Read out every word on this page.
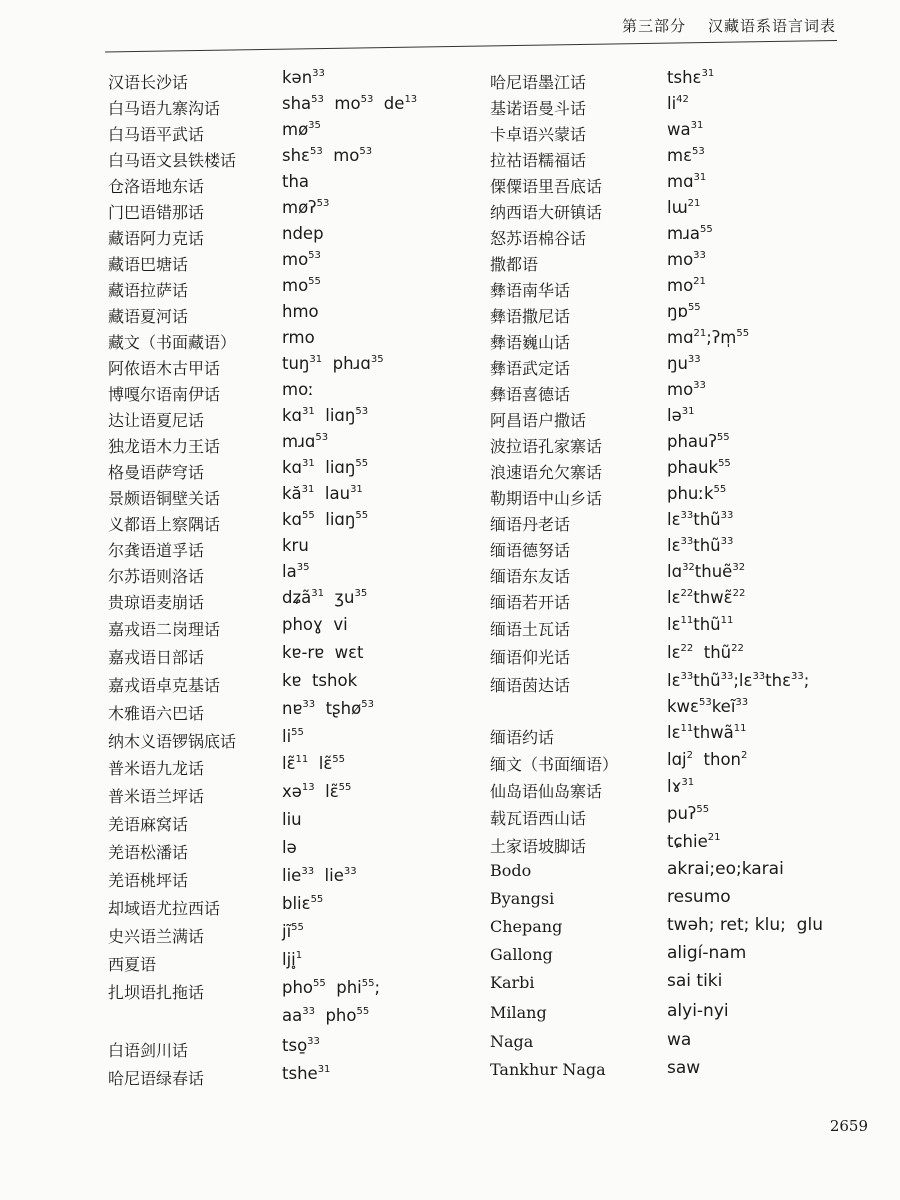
第三部分 汉藏语系语言词表
汉语长沙话	kən$^{33}$
白马语九寨沟话	sha$^{53}$  $mo^{53}$  $de^{13}$
白马语平武话	$mø^{35}$
白马语文县铁楼话	shɛ$^{53}$  $mo^{53}$
仓洛语地东话	tha
门巴语错那话	møʔ$^{53}$
藏语阿力克话	ndep
藏语巴塘话	$mo^{53}$
藏语拉萨话	$mo^{55}$
藏语夏河话	hmo
藏文（书面藏语）	rmo
阿侬语木古甲话	tuŋ$^{31}$  phɹɑ$^{35}$
博嘎尔语南伊话	moː
达让语夏尼话	kɑ$^{31}$  liɑŋ$^{53}$
独龙语木力王话	mɹɑ$^{53}$
格曼语萨穹话	kɑ$^{31}$  liɑŋ$^{55}$
景颇语铜壁关话	$kă^{31}$  lau$^{31}$
义都语上察隅话	kɑ$^{55}$  liɑŋ$^{55}$
尔龚语道孚话	kru
尔苏语则洛话	$la^{35}$
贵琼语麦崩话	dʑã$^{31}$  ʒu$^{35}$
嘉戎语二岗理话	phoɣ  vi
嘉戎语日部话	kɐ-rɐ  wɛt
嘉戎语卓克基话	kɐ  tshok
木雅语六巴话	nɐ$^{33}$  tʂhø$^{53}$
纳木义语锣锅底话	$li^{55}$
普米语九龙话	lɛ̃$^{11}$  lɛ̃$^{55}$
普米语兰坪话	xə$^{13}$  lɛ̃$^{55}$
羌语麻窝话	liu
羌语松潘话	lə
羌语桃坪话	lie$^{33}$  lie$^{33}$
却域语尤拉西话	bliɛ$^{55}$
史兴语兰满话	$jĩ^{55}$
西夏语	lji̥$^1$
扎坝语扎拖话	pho$^{55}$  phi$^{55}$;
$aa^{33}$  pho$^{55}$
白语剑川话	tso̱$^{33}$
哈尼语绿春话	tshe$^{31}$
哈尼语墨江话	tshɛ$^{31}$
基诺语曼斗话	$li^{42}$
卡卓语兴蒙话	$wa^{31}$
拉祜语糯福话	mɛ$^{53}$
傈僳语里吾底话	mɑ$^{31}$
纳西语大研镇话	lɯ$^{21}$
怒苏语棉谷话	mɹa$^{55}$
撒都语	$mo^{33}$
彝语南华话	$mo^{21}$
彝语撒尼话	ŋɒ$^{55}$
彝语巍山话	mɑ$^{21}$;ʔm̩$^{55}$
彝语武定话	$ŋu^{33}$
彝语喜德话	$mo^{33}$
阿昌语户撒话	lə$^{31}$
波拉语孔家寨话	phauʔ$^{55}$
浪速语允欠寨话	phauk$^{55}$
勒期语中山乡话	phuːk$^{55}$
缅语丹老话	lɛ$^{33}$thũ$^{33}$
缅语德努话	lɛ$^{33}$thũ$^{33}$
缅语东友话	lɑ$^{32}$thuẽ$^{32}$
缅语若开话	lɛ$^{22}$thwɛ̃$^{22}$
缅语土瓦话	lɛ$^{11}$thũ$^{11}$
缅语仰光话	lɛ$^{22}$  thũ$^{22}$
缅语茵达话	lɛ$^{33}$thũ$^{33}$;lɛ$^{33}$thɛ$^{33}$;
kwɛ$^{53}$keĩ$^{33}$
缅语约话	lɛ$^{11}$thwã$^{11}$
缅文（书面缅语）	lɑj$^2$  thon$^2$
仙岛语仙岛寨话	lɤ$^{31}$
载瓦语西山话	puʔ$^{55}$
土家语坡脚话	tɕhie$^{21}$
Bodo	akrai;eo;karai
Byangsi	resumo
Chepang	twəh; ret; klu;  glu
Gallong	aligí-nam
Karbi	sai tiki
Milang	alyi-nyi
Naga	wa
Tankhur Naga	saw
2659
